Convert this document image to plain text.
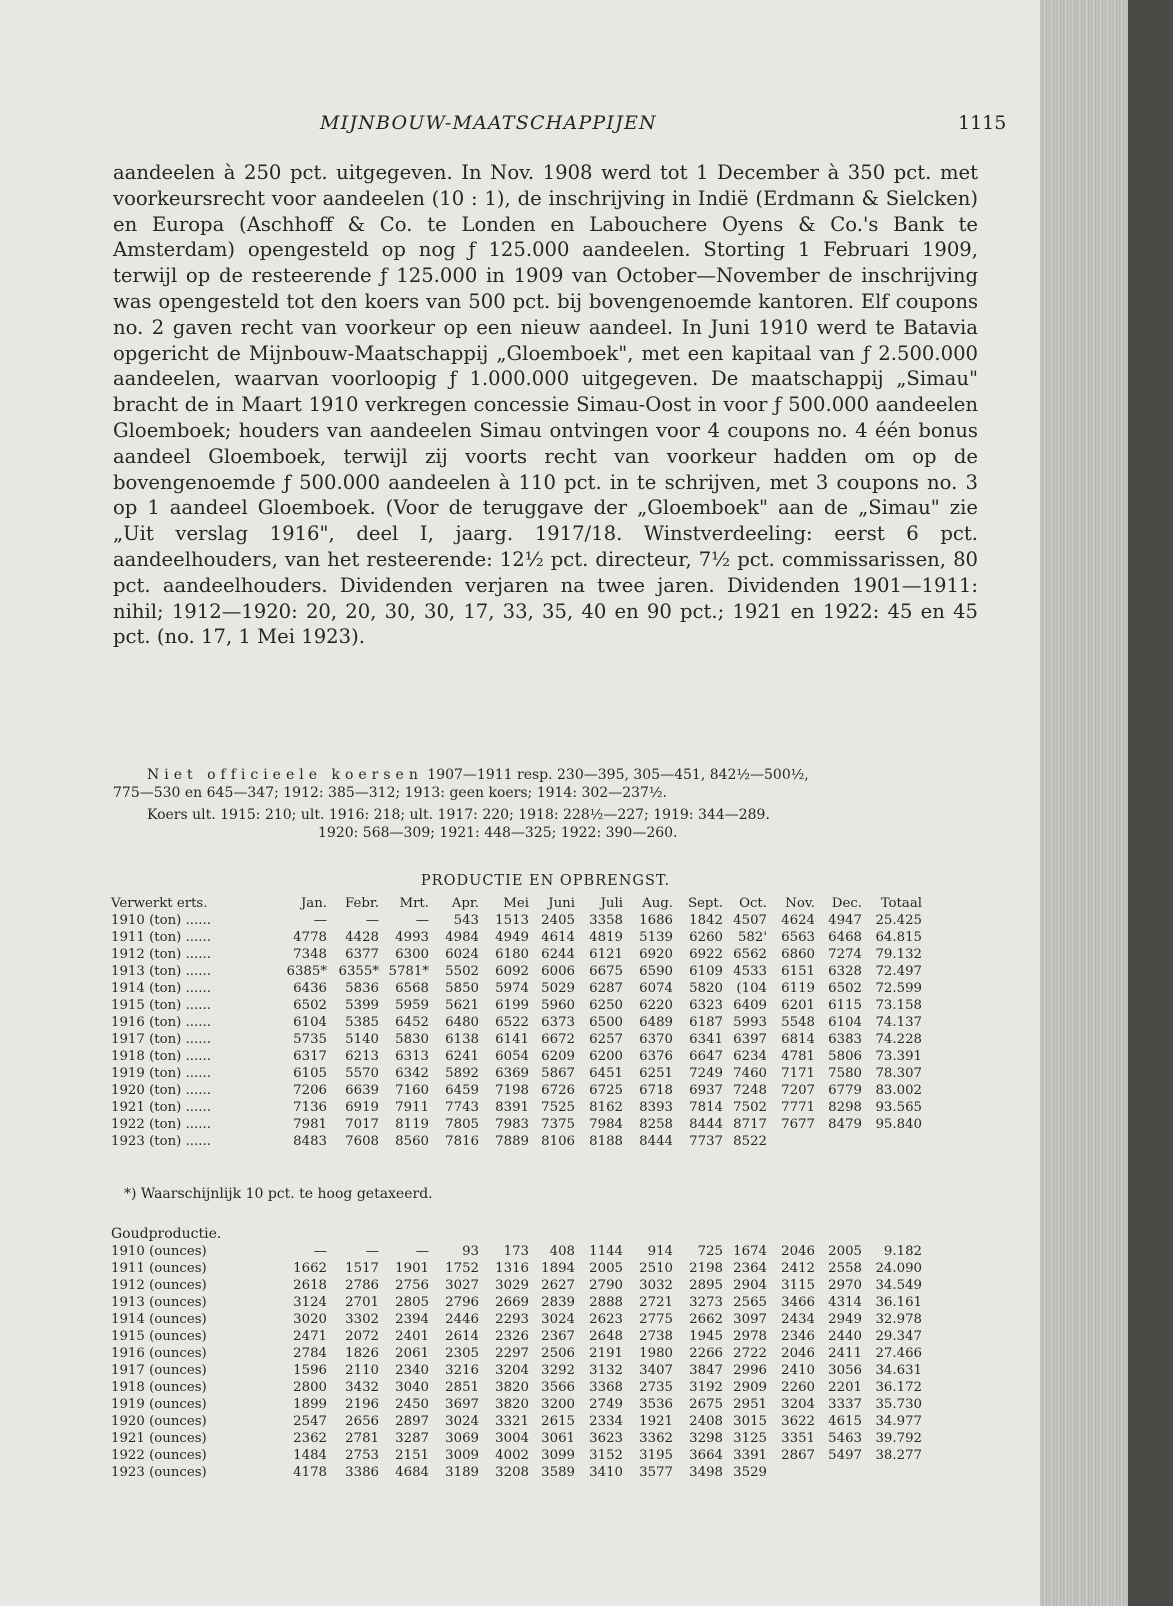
MIJNBOUW-MAATSCHAPPIJEN	1115

aandeelen à 250 pct. uitgegeven. In Nov. 1908 werd tot 1 December à 350 pct. met voorkeursrecht voor aandeelen (10 : 1), de inschrijving in Indië (Erdmann & Sielcken) en Europa (Aschhoff & Co. te Londen en Labouchere Oyens & Co.'s Bank te Amsterdam) opengesteld op nog ƒ 125.000 aandeelen. Storting 1 Februari 1909, terwijl op de resteerende ƒ 125.000 in 1909 van October—November de inschrijving was opengesteld tot den koers van 500 pct. bij bovengenoemde kantoren. Elf coupons no. 2 gaven recht van voorkeur op een nieuw aandeel. In Juni 1910 werd te Batavia opgericht de Mijnbouw-Maatschappij „Gloemboek", met een kapitaal van ƒ 2.500.000 aandeelen, waarvan voorloopig ƒ 1.000.000 uitgegeven. De maatschappij „Simau" bracht de in Maart 1910 verkregen concessie Simau-Oost in voor ƒ 500.000 aandeelen Gloemboek; houders van aandeelen Simau ontvingen voor 4 coupons no. 4 één bonus aandeel Gloemboek, terwijl zij voorts recht van voorkeur hadden om op de bovengenoemde ƒ 500.000 aandeelen à 110 pct. in te schrijven, met 3 coupons no. 3 op 1 aandeel Gloemboek. (Voor de teruggave der „Gloemboek" aan de „Simau" zie „Uit verslag 1916", deel I, jaarg. 1917/18. Winstverdeeling: eerst 6 pct. aandeelhouders, van het resteerende: 12½ pct. directeur, 7½ pct. commissarissen, 80 pct. aandeelhouders. Dividenden verjaren na twee jaren. Dividenden 1901—1911: nihil; 1912—1920: 20, 20, 30, 30, 17, 33, 35, 40 en 90 pct.; 1921 en 1922: 45 en 45 pct. (no. 17, 1 Mei 1923).

Niet officieele koersen 1907—1911 resp. 230—395, 305—451, 842½—500½,
775—530 en 645—347; 1912: 385—312; 1913: geen koers; 1914: 302—237½.

Koers ult. 1915: 210; ult. 1916: 218; ult. 1917: 220; 1918: 228½—227; 1919: 344—289.

1920: 568—309; 1921: 448—325; 1922: 390—260.

PRODUCTIE EN OPBRENGST.
Verwerkt erts.	Jan.	Febr.	Mrt.	Apr.	Mei	Juni	Juli	Aug.	Sept.	Oct.	Nov.	Dec.	Totaal
1910 (ton) ......	—	—	—	543	1513	2405	3358	1686	1842	4507	4624	4947	25.425
1911 (ton) ......	4778	4428	4993	4984	4949	4614	4819	5139	6260	582'	6563	6468	64.815
1912 (ton) ......	7348	6377	6300	6024	6180	6244	6121	6920	6922	6562	6860	7274	79.132
1913 (ton) ......	6385*	6355*	5781*	5502	6092	6006	6675	6590	6109	4533	6151	6328	72.497
1914 (ton) ......	6436	5836	6568	5850	5974	5029	6287	6074	5820	(104	6119	6502	72.599
1915 (ton) ......	6502	5399	5959	5621	6199	5960	6250	6220	6323	6409	6201	6115	73.158
1916 (ton) ......	6104	5385	6452	6480	6522	6373	6500	6489	6187	5993	5548	6104	74.137
1917 (ton) ......	5735	5140	5830	6138	6141	6672	6257	6370	6341	6397	6814	6383	74.228
1918 (ton) ......	6317	6213	6313	6241	6054	6209	6200	6376	6647	6234	4781	5806	73.391
1919 (ton) ......	6105	5570	6342	5892	6369	5867	6451	6251	7249	7460	7171	7580	78.307
1920 (ton) ......	7206	6639	7160	6459	7198	6726	6725	6718	6937	7248	7207	6779	83.002
1921 (ton) ......	7136	6919	7911	7743	8391	7525	8162	8393	7814	7502	7771	8298	93.565
1922 (ton) ......	7981	7017	8119	7805	7983	7375	7984	8258	8444	8717	7677	8479	95.840
1923 (ton) ......	8483	7608	8560	7816	7889	8106	8188	8444	7737	8522			
*) Waarschijnlijk 10 pct. te hoog getaxeerd.
Goudproductie.
1910 (ounces)	—	—	—	93	173	408	1144	914	725	1674	2046	2005	9.182
1911 (ounces)	1662	1517	1901	1752	1316	1894	2005	2510	2198	2364	2412	2558	24.090
1912 (ounces)	2618	2786	2756	3027	3029	2627	2790	3032	2895	2904	3115	2970	34.549
1913 (ounces)	3124	2701	2805	2796	2669	2839	2888	2721	3273	2565	3466	4314	36.161
1914 (ounces)	3020	3302	2394	2446	2293	3024	2623	2775	2662	3097	2434	2949	32.978
1915 (ounces)	2471	2072	2401	2614	2326	2367	2648	2738	1945	2978	2346	2440	29.347
1916 (ounces)	2784	1826	2061	2305	2297	2506	2191	1980	2266	2722	2046	2411	27.466
1917 (ounces)	1596	2110	2340	3216	3204	3292	3132	3407	3847	2996	2410	3056	34.631
1918 (ounces)	2800	3432	3040	2851	3820	3566	3368	2735	3192	2909	2260	2201	36.172
1919 (ounces)	1899	2196	2450	3697	3820	3200	2749	3536	2675	2951	3204	3337	35.730
1920 (ounces)	2547	2656	2897	3024	3321	2615	2334	1921	2408	3015	3622	4615	34.977
1921 (ounces)	2362	2781	3287	3069	3004	3061	3623	3362	3298	3125	3351	5463	39.792
1922 (ounces)	1484	2753	2151	3009	4002	3099	3152	3195	3664	3391	2867	5497	38.277
1923 (ounces)	4178	3386	4684	3189	3208	3589	3410	3577	3498	3529			
